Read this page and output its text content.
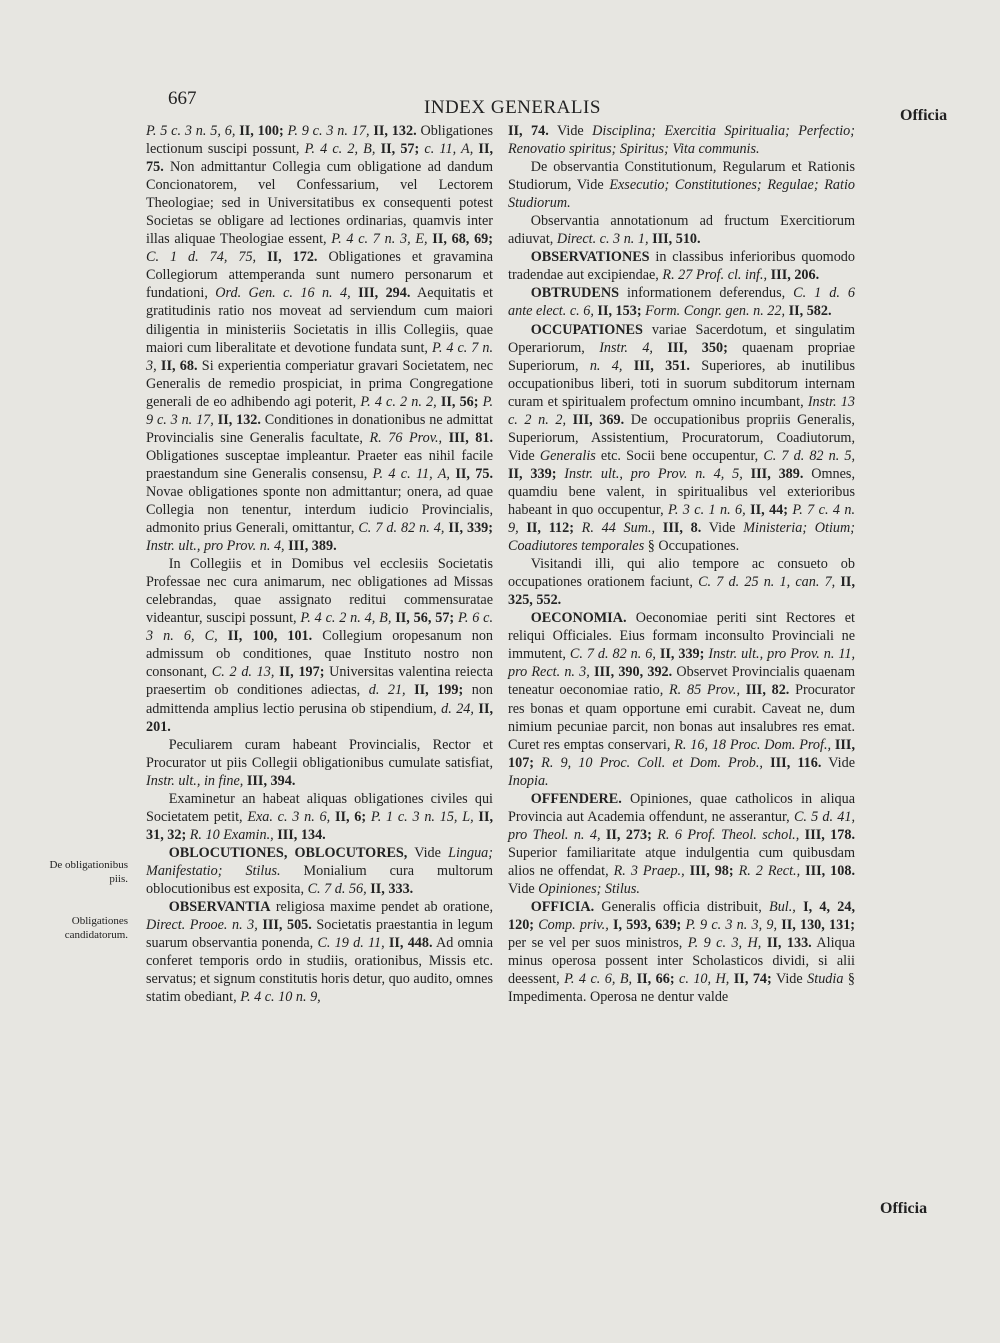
667	INDEX GENERALIS	Officia
Officia
De obligationibus piis.
Obligationes candidatorum.

P. 5 c. 3 n. 5, 6, II, 100; P. 9 c. 3 n. 17, II, 132. Obligationes lectionum suscipi possunt, P. 4 c. 2, B, II, 57; c. 11, A, II, 75. Non admittantur Collegia cum obligatione ad dandum Concionatorem, vel Confessarium, vel Lectorem Theologiae; sed in Universitatibus ex consequenti potest Societas se obligare ad lectiones ordinarias, quamvis inter illas aliquae Theologiae essent, P. 4 c. 7 n. 3, E, II, 68, 69; C. 1 d. 74, 75, II, 172. Obligationes et gravamina Collegiorum attemperanda sunt numero personarum et fundationi, Ord. Gen. c. 16 n. 4, III, 294. Aequitatis et gratitudinis ratio nos moveat ad serviendum cum maiori diligentia in ministeriis Societatis in illis Collegiis, quae maiori cum liberalitate et devotione fundata sunt, P. 4 c. 7 n. 3, II, 68. Si experientia comperiatur gravari Societatem, nec Generalis de remedio prospiciat, in prima Congregatione generali de eo adhibendo agi poterit, P. 4 c. 2 n. 2, II, 56; P. 9 c. 3 n. 17, II, 132. Conditiones in donationibus ne admittat Provincialis sine Generalis facultate, R. 76 Prov., III, 81. Obligationes susceptae impleantur. Praeter eas nihil facile praestandum sine Generalis consensu, P. 4 c. 11, A, II, 75. Novae obligationes sponte non admittantur; onera, ad quae Collegia non tenentur, interdum iudicio Provincialis, admonito prius Generali, omittantur, C. 7 d. 82 n. 4, II, 339; Instr. ult., pro Prov. n. 4, III, 389.

In Collegiis et in Domibus vel ecclesiis Societatis Professae nec cura animarum, nec obligationes ad Missas celebrandas, quae assignato reditui commensuratae videantur, suscipi possunt, P. 4 c. 2 n. 4, B, II, 56, 57; P. 6 c. 3 n. 6, C, II, 100, 101. Collegium oropesanum non admissum ob conditiones, quae Instituto nostro non consonant, C. 2 d. 13, II, 197; Universitas valentina reiecta praesertim ob conditiones adiectas, d. 21, II, 199; non admittenda amplius lectio perusina ob stipendium, d. 24, II, 201.

Peculiarem curam habeant Provincialis, Rector et Procurator ut piis Collegii obligationibus cumulate satisfiat, Instr. ult., in fine, III, 394.

Examinetur an habeat aliquas obligationes civiles qui Societatem petit, Exa. c. 3 n. 6, II, 6; P. 1 c. 3 n. 15, L, II, 31, 32; R. 10 Examin., III, 134.

OBLOCUTIONES, OBLOCUTORES, Vide Lingua; Manifestatio; Stilus. Monialium cura multorum oblocutionibus est exposita, C. 7 d. 56, II, 333.

OBSERVANTIA religiosa maxime pendet ab oratione, Direct. Prooe. n. 3, III, 505. Societatis praestantia in legum suarum observantia ponenda, C. 19 d. 11, II, 448. Ad omnia conferet temporis ordo in studiis, orationibus, Missis etc. servatus; et signum constitutis horis detur, quo audito, omnes statim obediant, P. 4 c. 10 n. 9,

II, 74. Vide Disciplina; Exercitia Spiritualia; Perfectio; Renovatio spiritus; Spiritus; Vita communis.

De observantia Constitutionum, Regularum et Rationis Studiorum, Vide Exsecutio; Constitutiones; Regulae; Ratio Studiorum.

Observantia annotationum ad fructum Exercitiorum adiuvat, Direct. c. 3 n. 1, III, 510.

OBSERVATIONES in classibus inferioribus quomodo tradendae aut excipiendae, R. 27 Prof. cl. inf., III, 206.

OBTRUDENS informationem deferendus, C. 1 d. 6 ante elect. c. 6, II, 153; Form. Congr. gen. n. 22, II, 582.

OCCUPATIONES variae Sacerdotum, et singulatim Operariorum, Instr. 4, III, 350; quaenam propriae Superiorum, n. 4, III, 351. Superiores, ab inutilibus occupationibus liberi, toti in suorum subditorum internam curam et spiritualem profectum omnino incumbant, Instr. 13 c. 2 n. 2, III, 369. De occupationibus propriis Generalis, Superiorum, Assistentium, Procuratorum, Coadiutorum, Vide Generalis etc. Socii bene occupentur, C. 7 d. 82 n. 5, II, 339; Instr. ult., pro Prov. n. 4, 5, III, 389. Omnes, quamdiu bene valent, in spiritualibus vel exterioribus habeant in quo occupentur, P. 3 c. 1 n. 6, II, 44; P. 7 c. 4 n. 9, II, 112; R. 44 Sum., III, 8. Vide Ministeria; Otium; Coadiutores temporales § Occupationes.

Visitandi illi, qui alio tempore ac consueto ob occupationes orationem faciunt, C. 7 d. 25 n. 1, can. 7, II, 325, 552.

OECONOMIA. Oeconomiae periti sint Rectores et reliqui Officiales. Eius formam inconsulto Provinciali ne immutent, C. 7 d. 82 n. 6, II, 339; Instr. ult., pro Prov. n. 11, pro Rect. n. 3, III, 390, 392. Observet Provincialis quaenam teneatur oeconomiae ratio, R. 85 Prov., III, 82. Procurator res bonas et quam opportune emi curabit. Caveat ne, dum nimium pecuniae parcit, non bonas aut insalubres res emat. Curet res emptas conservari, R. 16, 18 Proc. Dom. Prof., III, 107; R. 9, 10 Proc. Coll. et Dom. Prob., III, 116. Vide Inopia.

OFFENDERE. Opiniones, quae catholicos in aliqua Provincia aut Academia offendunt, ne asserantur, C. 5 d. 41, pro Theol. n. 4, II, 273; R. 6 Prof. Theol. schol., III, 178. Superior familiaritate atque indulgentia cum quibusdam alios ne offendat, R. 3 Praep., III, 98; R. 2 Rect., III, 108. Vide Opiniones; Stilus.

OFFICIA. Generalis officia distribuit, Bul., I, 4, 24, 120; Comp. priv., I, 593, 639; P. 9 c. 3 n. 3, 9, II, 130, 131; per se vel per suos ministros, P. 9 c. 3, H, II, 133. Aliqua minus operosa possent inter Scholasticos dividi, si alii deessent, P. 4 c. 6, B, II, 66; c. 10, H, II, 74; Vide Studia § Impedimenta. Operosa ne dentur valde
